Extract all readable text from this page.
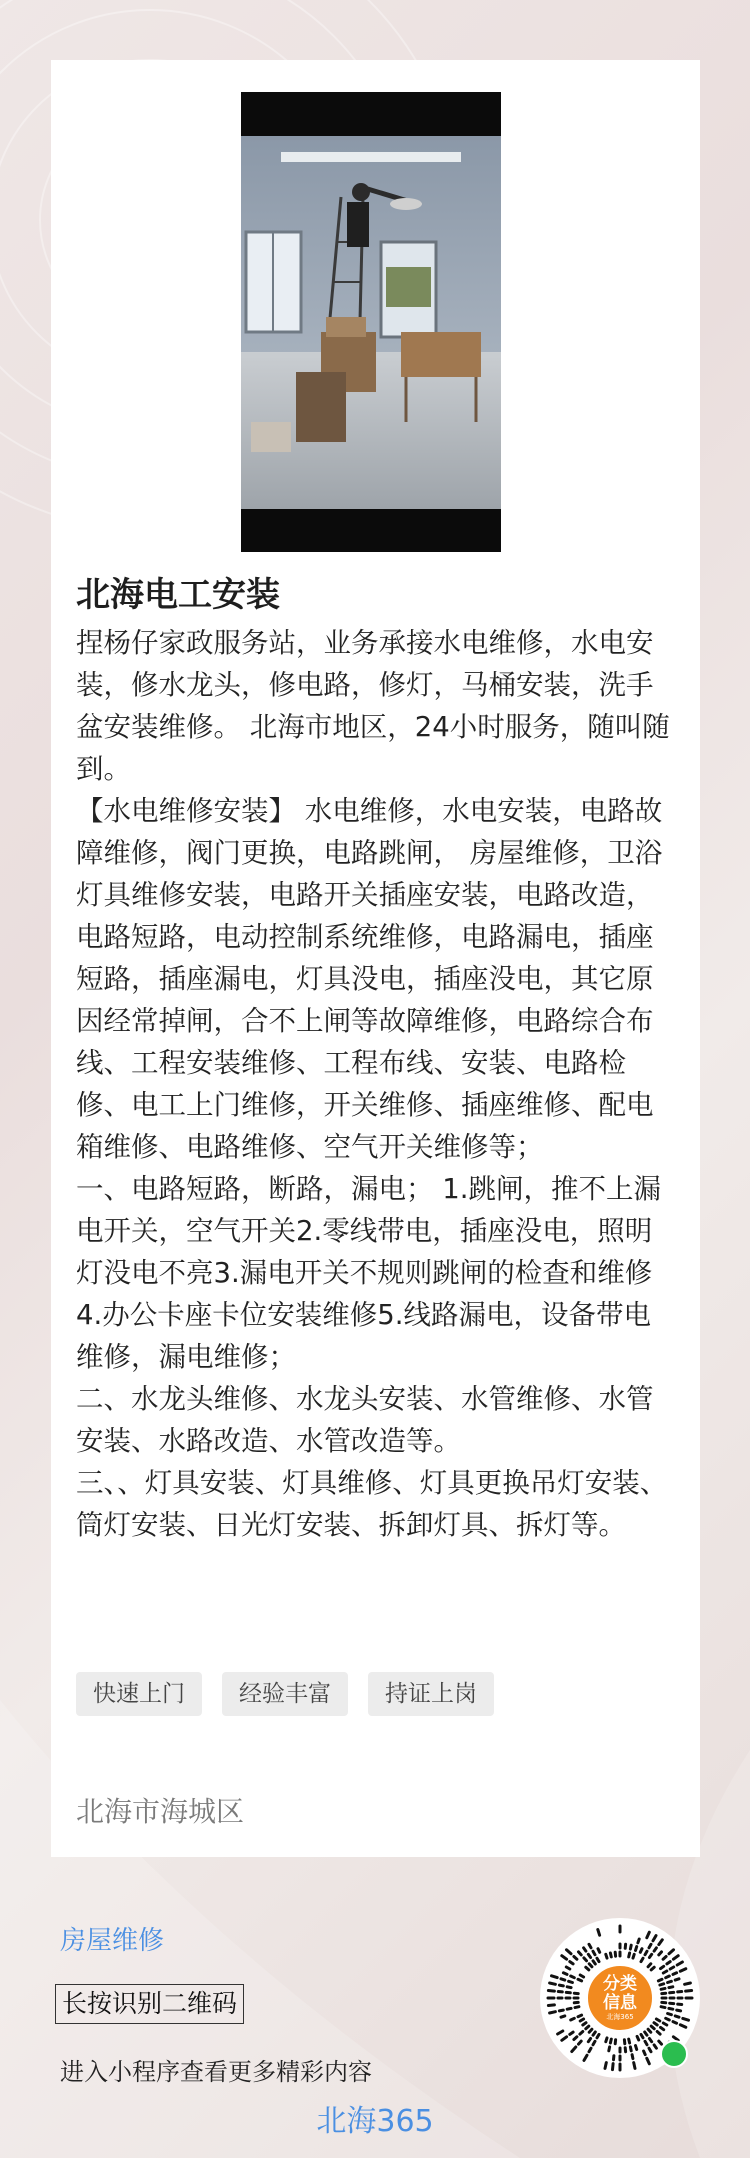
北海电工安装

捏杨仔家政服务站，业务承接水电维修，水电安装，修水龙头，修电路，修灯，马桶安装，洗手盆安装维修。 北海市地区，24小时服务，随叫随到。
【水电维修安装】 水电维修，水电安装，电路故障维修，阀门更换，电路跳闸， 房屋维修，卫浴灯具维修安装，电路开关插座安装，电路改造，电路短路，电动控制系统维修，电路漏电，插座短路，插座漏电，灯具没电，插座没电，其它原因经常掉闸，合不上闸等故障维修，电路综合布线、工程安装维修、工程布线、安装、电路检修、电工上门维修，开关维修、插座维修、配电箱维修、电路维修、空气开关维修等；
一、电路短路，断路，漏电； 1.跳闸，推不上漏电开关，空气开关2.零线带电，插座没电，照明灯没电不亮3.漏电开关不规则跳闸的检查和维修4.办公卡座卡位安装维修5.线路漏电，设备带电维修，漏电维修；
二、水龙头维修、水龙头安装、水管维修、水管安装、水路改造、水管改造等。
三、、灯具安装、灯具维修、灯具更换吊灯安装、筒灯安装、日光灯安装、拆卸灯具、拆灯等。

快速上门	经验丰富	持证上岗

北海市海城区

房屋维修
长按识别二维码
进入小程序查看更多精彩内容
北海365
分类
信息
北海365
